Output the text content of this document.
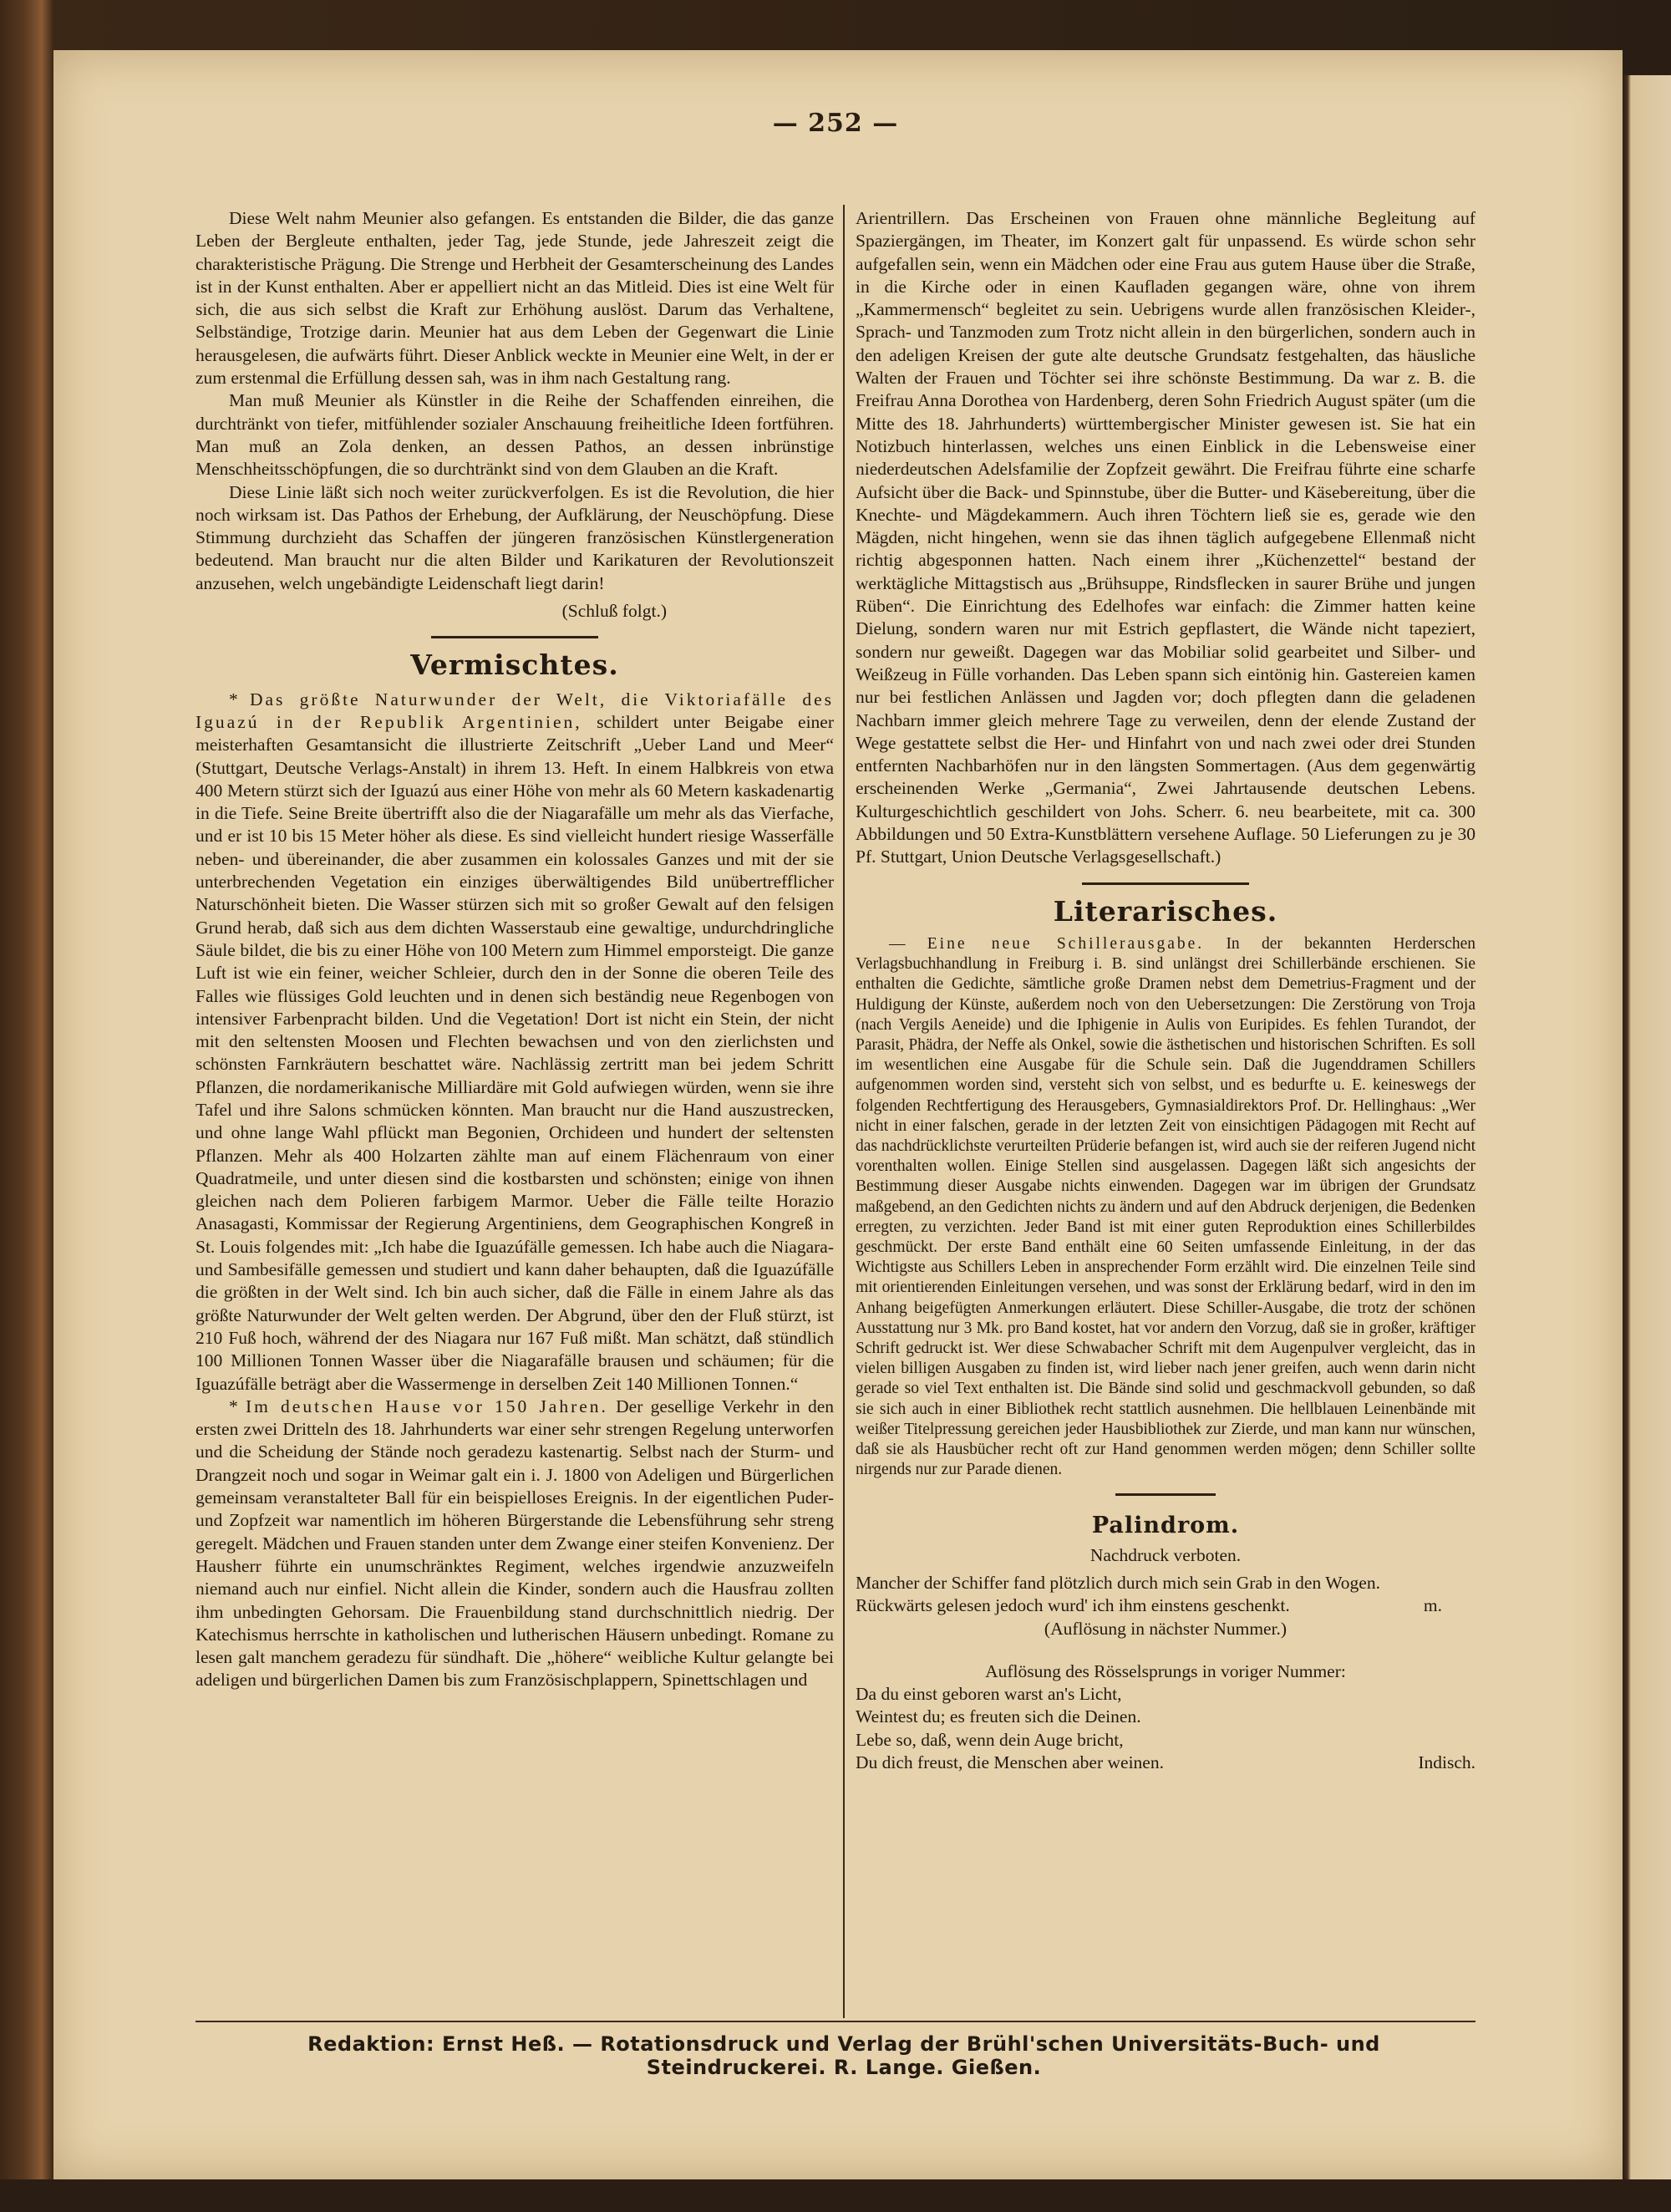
— 252 —

Diese Welt nahm Meunier also gefangen. Es entstanden die Bilder, die das ganze Leben der Bergleute enthalten, jeder Tag, jede Stunde, jede Jahreszeit zeigt die charakteristische Prägung. Die Strenge und Herbheit der Gesamterscheinung des Landes ist in der Kunst enthalten. Aber er appelliert nicht an das Mitleid. Dies ist eine Welt für sich, die aus sich selbst die Kraft zur Erhöhung auslöst. Darum das Verhaltene, Selbständige, Trotzige darin. Meunier hat aus dem Leben der Gegenwart die Linie herausgelesen, die aufwärts führt. Dieser Anblick weckte in Meunier eine Welt, in der er zum erstenmal die Erfüllung dessen sah, was in ihm nach Gestaltung rang.

Man muß Meunier als Künstler in die Reihe der Schaffenden einreihen, die durchtränkt von tiefer, mitfühlender sozialer Anschauung freiheitliche Ideen fortführen. Man muß an Zola denken, an dessen Pathos, an dessen inbrünstige Menschheitsschöpfungen, die so durchtränkt sind von dem Glauben an die Kraft.

Diese Linie läßt sich noch weiter zurückverfolgen. Es ist die Revolution, die hier noch wirksam ist. Das Pathos der Erhebung, der Aufklärung, der Neuschöpfung. Diese Stimmung durchzieht das Schaffen der jüngeren französischen Künstlergeneration bedeutend. Man braucht nur die alten Bilder und Karikaturen der Revolutionszeit anzusehen, welch ungebändigte Leidenschaft liegt darin!

(Schluß folgt.)
Vermischtes.

* Das größte Naturwunder der Welt, die Viktoriafälle des Iguazú in der Republik Argentinien, schildert unter Beigabe einer meisterhaften Gesamtansicht die illustrierte Zeitschrift „Ueber Land und Meer“ (Stuttgart, Deutsche Verlags-Anstalt) in ihrem 13. Heft. In einem Halbkreis von etwa 400 Metern stürzt sich der Iguazú aus einer Höhe von mehr als 60 Metern kaskadenartig in die Tiefe. Seine Breite übertrifft also die der Niagarafälle um mehr als das Vierfache, und er ist 10 bis 15 Meter höher als diese. Es sind vielleicht hundert riesige Wasserfälle neben- und übereinander, die aber zusammen ein kolossales Ganzes und mit der sie unterbrechenden Vegetation ein einziges überwältigendes Bild unübertrefflicher Naturschönheit bieten. Die Wasser stürzen sich mit so großer Gewalt auf den felsigen Grund herab, daß sich aus dem dichten Wasserstaub eine gewaltige, undurchdringliche Säule bildet, die bis zu einer Höhe von 100 Metern zum Himmel emporsteigt. Die ganze Luft ist wie ein feiner, weicher Schleier, durch den in der Sonne die oberen Teile des Falles wie flüssiges Gold leuchten und in denen sich beständig neue Regenbogen von intensiver Farbenpracht bilden. Und die Vegetation! Dort ist nicht ein Stein, der nicht mit den seltensten Moosen und Flechten bewachsen und von den zierlichsten und schönsten Farnkräutern beschattet wäre. Nachlässig zertritt man bei jedem Schritt Pflanzen, die nordamerikanische Milliardäre mit Gold aufwiegen würden, wenn sie ihre Tafel und ihre Salons schmücken könnten. Man braucht nur die Hand auszustrecken, und ohne lange Wahl pflückt man Begonien, Orchideen und hundert der seltensten Pflanzen. Mehr als 400 Holzarten zählte man auf einem Flächenraum von einer Quadratmeile, und unter diesen sind die kostbarsten und schönsten; einige von ihnen gleichen nach dem Polieren farbigem Marmor. Ueber die Fälle teilte Horazio Anasagasti, Kommissar der Regierung Argentiniens, dem Geographischen Kongreß in St. Louis folgendes mit: „Ich habe die Iguazúfälle gemessen. Ich habe auch die Niagara- und Sambesifälle gemessen und studiert und kann daher behaupten, daß die Iguazúfälle die größten in der Welt sind. Ich bin auch sicher, daß die Fälle in einem Jahre als das größte Naturwunder der Welt gelten werden. Der Abgrund, über den der Fluß stürzt, ist 210 Fuß hoch, während der des Niagara nur 167 Fuß mißt. Man schätzt, daß stündlich 100 Millionen Tonnen Wasser über die Niagarafälle brausen und schäumen; für die Iguazúfälle beträgt aber die Wassermenge in derselben Zeit 140 Millionen Tonnen.“

* Im deutschen Hause vor 150 Jahren. Der gesellige Verkehr in den ersten zwei Dritteln des 18. Jahrhunderts war einer sehr strengen Regelung unterworfen und die Scheidung der Stände noch geradezu kastenartig. Selbst nach der Sturm- und Drangzeit noch und sogar in Weimar galt ein i. J. 1800 von Adeligen und Bürgerlichen gemeinsam veranstalteter Ball für ein beispielloses Ereignis. In der eigentlichen Puder- und Zopfzeit war namentlich im höheren Bürgerstande die Lebensführung sehr streng geregelt. Mädchen und Frauen standen unter dem Zwange einer steifen Konvenienz. Der Hausherr führte ein unumschränktes Regiment, welches irgendwie anzuzweifeln niemand auch nur einfiel. Nicht allein die Kinder, sondern auch die Hausfrau zollten ihm unbedingten Gehorsam. Die Frauenbildung stand durchschnittlich niedrig. Der Katechismus herrschte in katholischen und lutherischen Häusern unbedingt. Romane zu lesen galt manchem geradezu für sündhaft. Die „höhere“ weibliche Kultur gelangte bei adeligen und bürgerlichen Damen bis zum Französischplappern, Spinettschlagen und

Arientrillern. Das Erscheinen von Frauen ohne männliche Begleitung auf Spaziergängen, im Theater, im Konzert galt für unpassend. Es würde schon sehr aufgefallen sein, wenn ein Mädchen oder eine Frau aus gutem Hause über die Straße, in die Kirche oder in einen Kaufladen gegangen wäre, ohne von ihrem „Kammermensch“ begleitet zu sein. Uebrigens wurde allen französischen Kleider-, Sprach- und Tanzmoden zum Trotz nicht allein in den bürgerlichen, sondern auch in den adeligen Kreisen der gute alte deutsche Grundsatz festgehalten, das häusliche Walten der Frauen und Töchter sei ihre schönste Bestimmung. Da war z. B. die Freifrau Anna Dorothea von Hardenberg, deren Sohn Friedrich August später (um die Mitte des 18. Jahrhunderts) württembergischer Minister gewesen ist. Sie hat ein Notizbuch hinterlassen, welches uns einen Einblick in die Lebensweise einer niederdeutschen Adelsfamilie der Zopfzeit gewährt. Die Freifrau führte eine scharfe Aufsicht über die Back- und Spinnstube, über die Butter- und Käsebereitung, über die Knechte- und Mägdekammern. Auch ihren Töchtern ließ sie es, gerade wie den Mägden, nicht hingehen, wenn sie das ihnen täglich aufgegebene Ellenmaß nicht richtig abgesponnen hatten. Nach einem ihrer „Küchenzettel“ bestand der werktägliche Mittagstisch aus „Brühsuppe, Rindsflecken in saurer Brühe und jungen Rüben“. Die Einrichtung des Edelhofes war einfach: die Zimmer hatten keine Dielung, sondern waren nur mit Estrich gepflastert, die Wände nicht tapeziert, sondern nur geweißt. Dagegen war das Mobiliar solid gearbeitet und Silber- und Weißzeug in Fülle vorhanden. Das Leben spann sich eintönig hin. Gastereien kamen nur bei festlichen Anlässen und Jagden vor; doch pflegten dann die geladenen Nachbarn immer gleich mehrere Tage zu verweilen, denn der elende Zustand der Wege gestattete selbst die Her- und Hinfahrt von und nach zwei oder drei Stunden entfernten Nachbarhöfen nur in den längsten Sommertagen. (Aus dem gegenwärtig erscheinenden Werke „Germania“, Zwei Jahrtausende deutschen Lebens. Kulturgeschichtlich geschildert von Johs. Scherr. 6. neu bearbeitete, mit ca. 300 Abbildungen und 50 Extra-Kunstblättern versehene Auflage. 50 Lieferungen zu je 30 Pf. Stuttgart, Union Deutsche Verlagsgesellschaft.)

Literarisches.

— Eine neue Schillerausgabe. In der bekannten Herderschen Verlagsbuchhandlung in Freiburg i. B. sind unlängst drei Schillerbände erschienen. Sie enthalten die Gedichte, sämtliche große Dramen nebst dem Demetrius-Fragment und der Huldigung der Künste, außerdem noch von den Uebersetzungen: Die Zerstörung von Troja (nach Vergils Aeneide) und die Iphigenie in Aulis von Euripides. Es fehlen Turandot, der Parasit, Phädra, der Neffe als Onkel, sowie die ästhetischen und historischen Schriften. Es soll im wesentlichen eine Ausgabe für die Schule sein. Daß die Jugenddramen Schillers aufgenommen worden sind, versteht sich von selbst, und es bedurfte u. E. keineswegs der folgenden Rechtfertigung des Herausgebers, Gymnasialdirektors Prof. Dr. Hellinghaus: „Wer nicht in einer falschen, gerade in der letzten Zeit von einsichtigen Pädagogen mit Recht auf das nachdrücklichste verurteilten Prüderie befangen ist, wird auch sie der reiferen Jugend nicht vorenthalten wollen. Einige Stellen sind ausgelassen. Dagegen läßt sich angesichts der Bestimmung dieser Ausgabe nichts einwenden. Dagegen war im übrigen der Grundsatz maßgebend, an den Gedichten nichts zu ändern und auf den Abdruck derjenigen, die Bedenken erregten, zu verzichten. Jeder Band ist mit einer guten Reproduktion eines Schillerbildes geschmückt. Der erste Band enthält eine 60 Seiten umfassende Einleitung, in der das Wichtigste aus Schillers Leben in ansprechender Form erzählt wird. Die einzelnen Teile sind mit orientierenden Einleitungen versehen, und was sonst der Erklärung bedarf, wird in den im Anhang beigefügten Anmerkungen erläutert. Diese Schiller-Ausgabe, die trotz der schönen Ausstattung nur 3 Mk. pro Band kostet, hat vor andern den Vorzug, daß sie in großer, kräftiger Schrift gedruckt ist. Wer diese Schwabacher Schrift mit dem Augenpulver vergleicht, das in vielen billigen Ausgaben zu finden ist, wird lieber nach jener greifen, auch wenn darin nicht gerade so viel Text enthalten ist. Die Bände sind solid und geschmackvoll gebunden, so daß sie sich auch in einer Bibliothek recht stattlich ausnehmen. Die hellblauen Leinenbände mit weißer Titelpressung gereichen jeder Hausbibliothek zur Zierde, und man kann nur wünschen, daß sie als Hausbücher recht oft zur Hand genommen werden mögen; denn Schiller sollte nirgends nur zur Parade dienen.

Palindrom.
Nachdruck verboten.

Mancher der Schiffer fand plötzlich durch mich sein Grab in den Wogen.

Rückwärts gelesen jedoch wurd' ich ihm einstens geschenkt.	m.

(Auflösung in nächster Nummer.)

Auflösung des Rösselsprungs in voriger Nummer:

Da du einst geboren warst an's Licht,

Weintest du; es freuten sich die Deinen.

Lebe so, daß, wenn dein Auge bricht,

Du dich freust, die Menschen aber weinen.	Indisch.

Redaktion: Ernst Heß. — Rotationsdruck und Verlag der Brühl'schen Universitäts-Buch- und Steindruckerei. R. Lange. Gießen.
